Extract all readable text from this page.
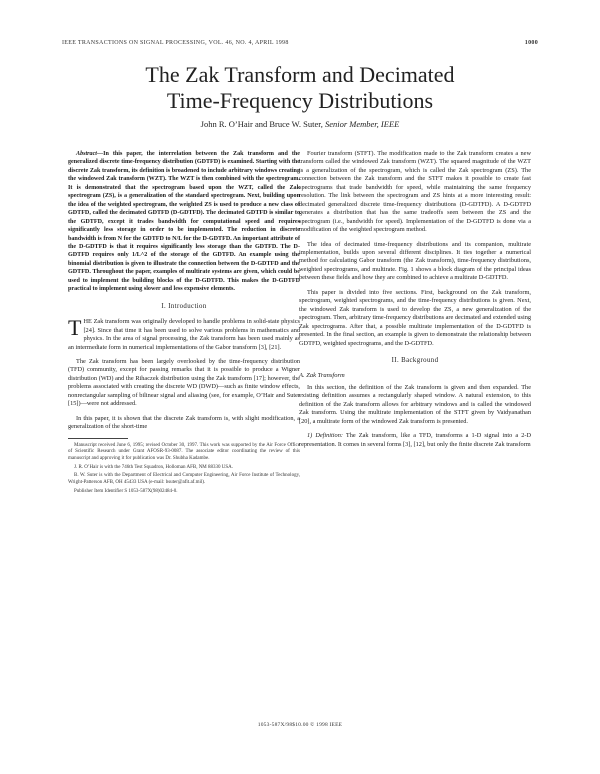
IEEE TRANSACTIONS ON SIGNAL PROCESSING, VOL. 46, NO. 4, APRIL 1998	1000
The Zak Transform and Decimated
Time-Frequency Distributions
John R. O’Hair and Bruce W. Suter, Senior Member, IEEE

Abstract—In this paper, the interrelation between the Zak transform and the generalized discrete time-frequency distribution (GDTFD) is examined. Starting with the discrete Zak transform, its definition is broadened to include arbitrary windows creating the windowed Zak transform (WZT). The WZT is then combined with the spectrogram. It is demonstrated that the spectrogram based upon the WZT, called the Zak spectrogram (ZS), is a generalization of the standard spectrogram. Next, building upon the idea of the weighted spectrogram, the weighted ZS is used to produce a new class of GDTFD, called the decimated GDTFD (D-GDTFD). The decimated GDTFD is similar to the GDTFD, except it trades bandwidth for computational speed and requires significantly less storage in order to be implemented. The reduction in discrete bandwidth is from N for the GDTFD to N/L for the D-GDTFD. An important attribute of the D-GDTFD is that it requires significantly less storage than the GDTFD. The D-GDTFD requires only 1/L^2 of the storage of the GDTFD. An example using the binomial distribution is given to illustrate the connection between the D-GDTFD and the GDTFD. Throughout the paper, examples of multirate systems are given, which could be used to implement the building blocks of the D-GDTFD. This makes the D-GDTFD practical to implement using slower and less expensive elements.

I. Introduction

THE Zak transform was originally developed to handle problems in solid-state physics [24]. Since that time it has been used to solve various problems in mathematics and physics. In the area of signal processing, the Zak transform has been used mainly as an intermediate form in numerical implementations of the Gabor transform [3], [21].

The Zak transform has been largely overlooked by the time-frequency distribution (TFD) community, except for passing remarks that it is possible to produce a Wigner distribution (WD) and the Rihaczek distribution using the Zak transform [17]; however, the problems associated with creating the discrete WD (DWD)—such as finite window effects, nonrectangular sampling of bilinear signal and aliasing (see, for example, O’Hair and Suter [15])—were not addressed.

In this paper, it is shown that the discrete Zak transform is, with slight modification, a generalization of the short-time

Manuscript received June 6, 1995; revised October 30, 1997. This work was supported by the Air Force Office of Scientific Research under Grant AFOSR-93-0087. The associate editor coordinating the review of this manuscript and approving it for publication was Dr. Shubha Kadambe.

J. R. O’Hair is with the 746th Test Squadron, Holloman AFB, NM 88330 USA.

B. W. Suter is with the Department of Electrical and Computer Engineering, Air Force Institute of Technology, Wright-Patterson AFB, OH 45433 USA (e-mail: bsuter@afit.af.mil).

Publisher Item Identifier S 1053-587X(98)02484-0.

Fourier transform (STFT). The modification made to the Zak transform creates a new transform called the windowed Zak transform (WZT). The squared magnitude of the WZT is a generalization of the spectrogram, which is called the Zak spectrogram (ZS). The connection between the Zak transform and the STFT makes it possible to create fast spectrograms that trade bandwidth for speed, while maintaining the same frequency resolution. The link between the spectrogram and ZS hints at a more interesting result: decimated generalized discrete time-frequency distributions (D-GDTFD). A D-GDTFD generates a distribution that has the same tradeoffs seen between the ZS and the spectrogram (i.e., bandwidth for speed). Implementation of the D-GDTFD is done via a modification of the weighted spectrogram method.

The idea of decimated time-frequency distributions and its companion, multirate implementation, builds upon several different disciplines. It ties together a numerical method for calculating Gabor transform (the Zak transform), time-frequency distributions, weighted spectrograms, and multirate. Fig. 1 shows a block diagram of the principal ideas between these fields and how they are combined to achieve a multirate D-GDTFD.

This paper is divided into five sections. First, background on the Zak transform, spectrogram, weighted spectrograms, and the time-frequency distributions is given. Next, the windowed Zak transform is used to develop the ZS, a new generalization of the spectrogram. Then, arbitrary time-frequency distributions are decimated and extended using Zak spectrograms. After that, a possible multirate implementation of the D-GDTFD is presented. In the final section, an example is given to demonstrate the relationship between GDTFD, weighted spectrograms, and the D-GDTFD.

II. Background
A. Zak Transform

In this section, the definition of the Zak transform is given and then expanded. The existing definition assumes a rectangularly shaped window. A natural extension, to this definition of the Zak transform allows for arbitrary windows and is called the windowed Zak transform. Using the multirate implementation of the STFT given by Vaidyanathan [20], a multirate form of the windowed Zak transform is presented.

1) Definition: The Zak transform, like a TFD, transforms a 1-D signal into a 2-D representation. It comes in several forms [3], [12], but only the finite discrete Zak transform

1053-587X/98$10.00 © 1998 IEEE
